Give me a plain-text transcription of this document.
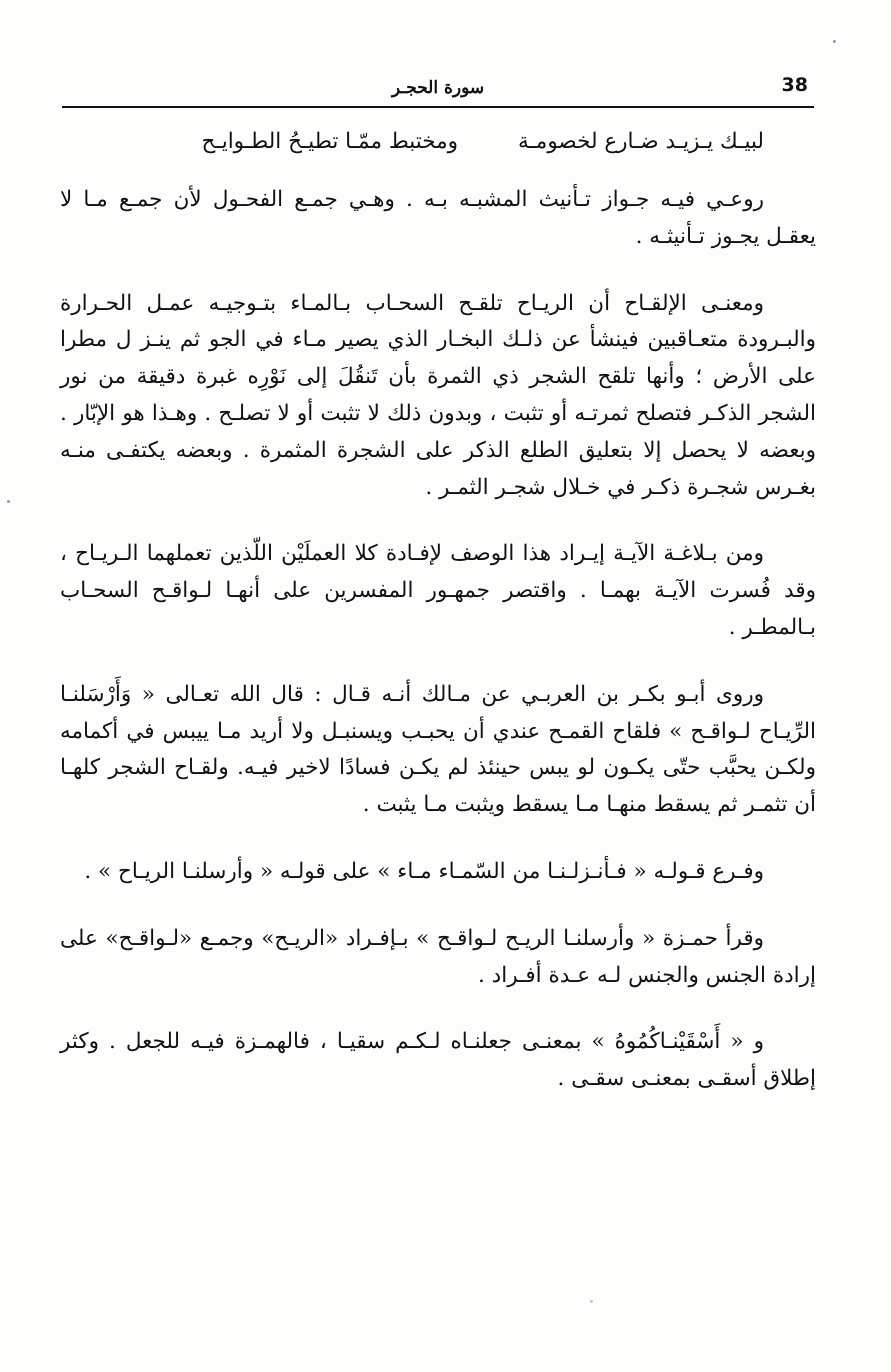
38
سورة الحجـر
لبيـك يـزيـد ضـارع لخصومـة
ومختبط ممّـا تطيـحُ الطـوايـح

روعـي فيـه جـواز تـأنيث المشبـه بـه . وهـي جمـع الفحـول لأن جمـع مـا لا يعقـل يجـوز تـأنيثـه .

ومعنـى الإلقـاح أن الريـاح تلقـح السحـاب بـالمـاء بتـوجيـه عمـل الحـرارة والبـرودة متعـاقبين فينشأ عن ذلـك البخـار الذي يصير مـاء في الجو ثم ينـز ل مطرا على الأرض ؛ وأنها تلقح الشجر ذي الثمرة بأن تَنقُلَ إلى نَوْرِه غبرة دقيقة من نور الشجر الذكـر فتصلح ثمرتـه أو تثبت ، وبدون ذلك لا تثبت أو لا تصلـح . وهـذا هو الإبّار . وبعضه لا يحصل إلا بتعليق الطلع الذكر على الشجرة المثمرة . وبعضه يكتفـى منـه بغـرس شجـرة ذكـر في خـلال شجـر الثمـر .

ومن بـلاغـة الآيـة إيـراد هذا الوصف لإفـادة كلا العملَيْن اللّذين تعملهما الـريـاح ، وقد فُسرت الآيـة بهمـا . واقتصر جمهـور المفسرين على أنهـا لـواقـح السحـاب بـالمطـر .

وروى أبـو بكـر بن العربـي عن مـالك أنـه قـال : قال الله تعـالى « وَأَرْسَلنـا الرِّيـاح لـواقـح » فلقاح القمـح عندي أن يحبـب ويسنبـل ولا أريد مـا ييبس في أكمامه ولكـن يحبَّب حتّى يكـون لو يبس حينئذ لم يكـن فسادًا لاخير فيـه. ولقـاح الشجر كلهـا أن تثمـر ثم يسقط منهـا مـا يسقط ويثبت مـا يثبت .

وفـرع قـولـه « فـأنـزلـنـا من السّمـاء مـاء » على قولـه « وأرسلنـا الريـاح » .

وقرأ حمـزة « وأرسلنـا الريـح لـواقـح » بـإفـراد «الريـح» وجمـع «لـواقـح» على إرادة الجنس والجنس لـه عـدة أفـراد .

و « أَسْقَيْنـاكُمُوهُ » بمعنـى جعلنـاه لـكـم سقيـا ، فالهمـزة فيـه للجعل . وكثر إطلاق أسقـى بمعنـى سقـى .
